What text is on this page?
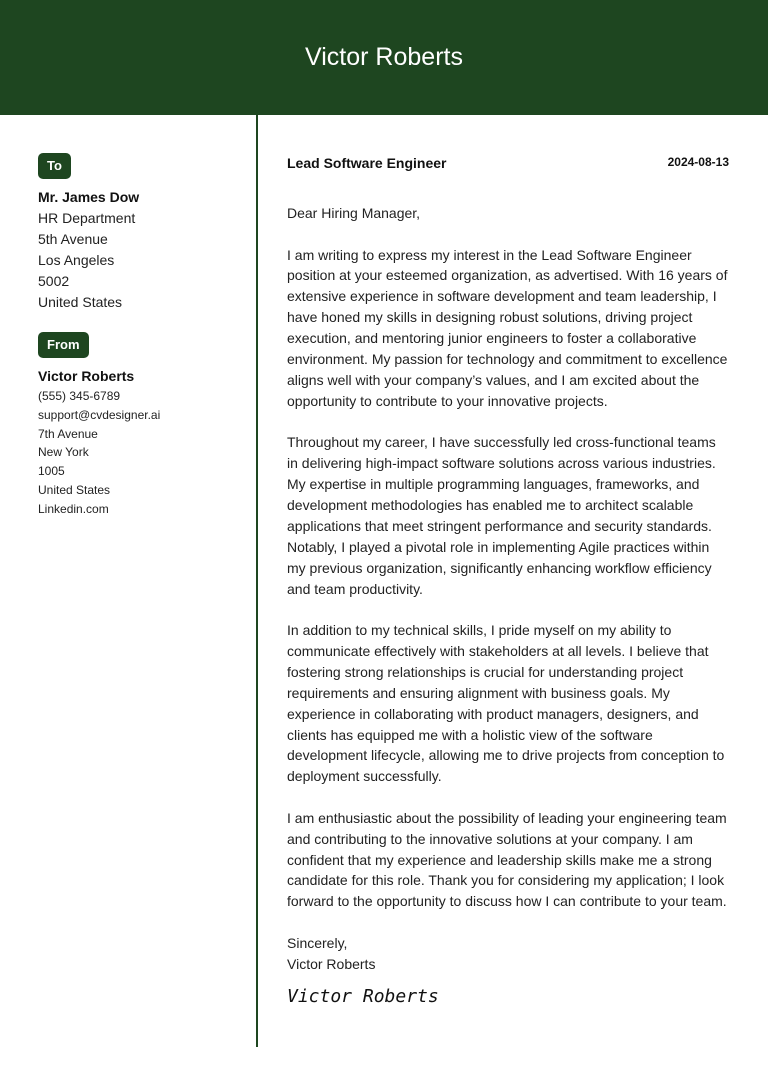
Victor Roberts
To
Mr. James Dow
HR Department
5th Avenue
Los Angeles
5002
United States
From
Victor Roberts
(555) 345-6789
support@cvdesigner.ai
7th Avenue
New York
1005
United States
Linkedin.com
Lead Software Engineer	2024-08-13
Dear Hiring Manager,
I am writing to express my interest in the Lead Software Engineer position at your esteemed organization, as advertised. With 16 years of extensive experience in software development and team leadership, I have honed my skills in designing robust solutions, driving project execution, and mentoring junior engineers to foster a collaborative environment. My passion for technology and commitment to excellence aligns well with your company’s values, and I am excited about the opportunity to contribute to your innovative projects.
Throughout my career, I have successfully led cross-functional teams in delivering high-impact software solutions across various industries. My expertise in multiple programming languages, frameworks, and development methodologies has enabled me to architect scalable applications that meet stringent performance and security standards. Notably, I played a pivotal role in implementing Agile practices within my previous organization, significantly enhancing workflow efficiency and team productivity.
In addition to my technical skills, I pride myself on my ability to communicate effectively with stakeholders at all levels. I believe that fostering strong relationships is crucial for understanding project requirements and ensuring alignment with business goals. My experience in collaborating with product managers, designers, and clients has equipped me with a holistic view of the software development lifecycle, allowing me to drive projects from conception to deployment successfully.
I am enthusiastic about the possibility of leading your engineering team and contributing to the innovative solutions at your company. I am confident that my experience and leadership skills make me a strong candidate for this role. Thank you for considering my application; I look forward to the opportunity to discuss how I can contribute to your team.
Sincerely,
Victor Roberts
Victor Roberts
